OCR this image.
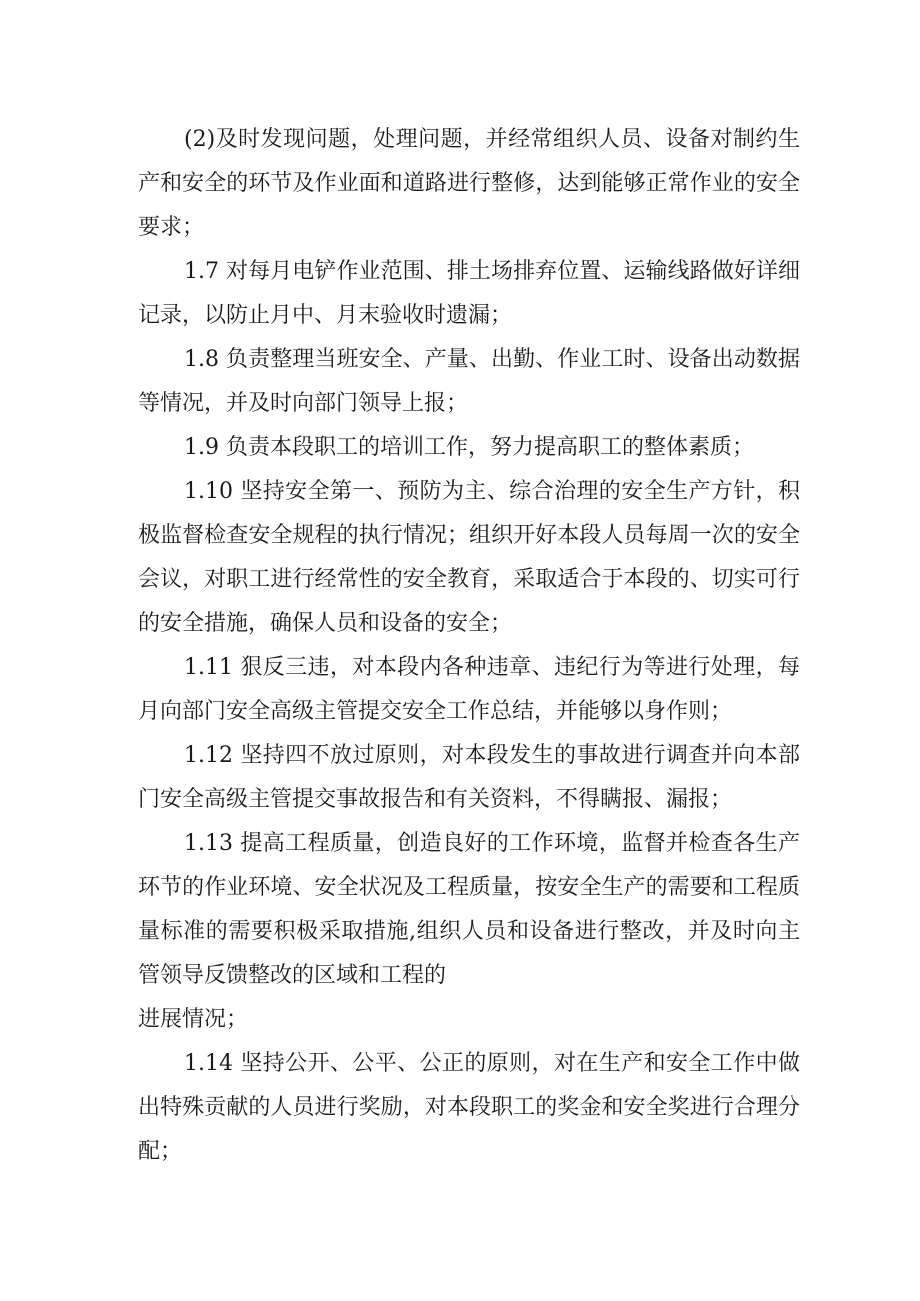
(2)及时发现问题，处理问题，并经常组织人员、设备对制约生产和安全的环节及作业面和道路进行整修，达到能够正常作业的安全要求；

1.7 对每月电铲作业范围、排土场排弃位置、运输线路做好详细记录，以防止月中、月末验收时遗漏；

1.8 负责整理当班安全、产量、出勤、作业工时、设备出动数据等情况，并及时向部门领导上报；

1.9 负责本段职工的培训工作，努力提高职工的整体素质；

1.10 坚持安全第一、预防为主、综合治理的安全生产方针，积极监督检查安全规程的执行情况；组织开好本段人员每周一次的安全会议，对职工进行经常性的安全教育，采取适合于本段的、切实可行的安全措施，确保人员和设备的安全；

1.11 狠反三违，对本段内各种违章、违纪行为等进行处理，每月向部门安全高级主管提交安全工作总结，并能够以身作则；

1.12 坚持四不放过原则，对本段发生的事故进行调查并向本部门安全高级主管提交事故报告和有关资料，不得瞒报、漏报；

1.13 提高工程质量，创造良好的工作环境，监督并检查各生产环节的作业环境、安全状况及工程质量，按安全生产的需要和工程质量标准的需要积极采取措施,组织人员和设备进行整改，并及时向主管领导反馈整改的区域和工程的

进展情况；

1.14 坚持公开、公平、公正的原则，对在生产和安全工作中做出特殊贡献的人员进行奖励，对本段职工的奖金和安全奖进行合理分配；
